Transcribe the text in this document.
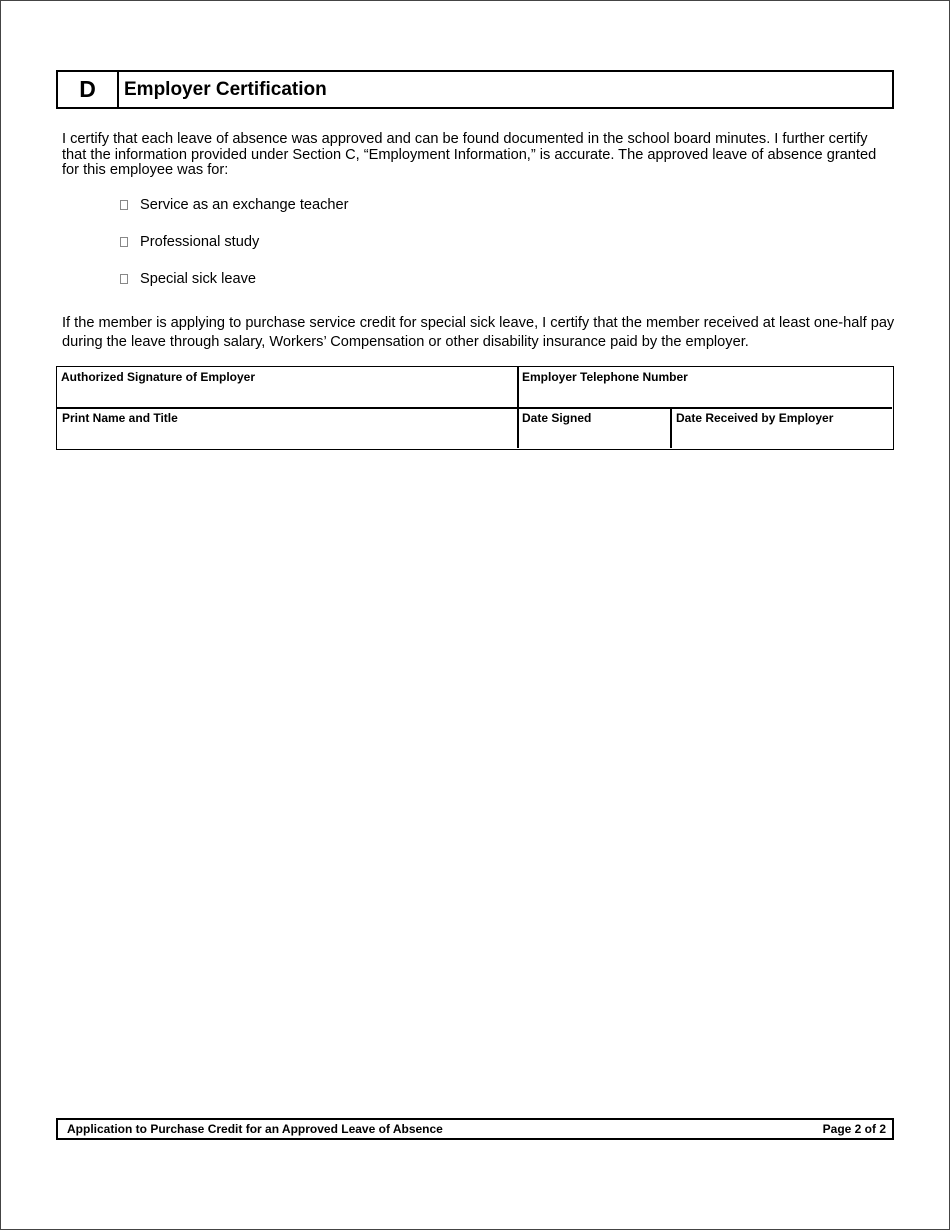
D	Employer Certification
I certify that each leave of absence was approved and can be found documented in the school board minutes. I further certify that the information provided under Section C, “Employment Information,” is accurate. The approved leave of absence granted for this employee was for:
Service as an exchange teacher
Professional study
Special sick leave
If the member is applying to purchase service credit for special sick leave, I certify that the member received at least one-half pay during the leave through salary, Workers’ Compensation or other disability insurance paid by the employer.
Authorized Signature of Employer	Employer Telephone Number
Print Name and Title	Date Signed	Date Received by Employer
Application to Purchase Credit for an Approved Leave of Absence	Page 2 of 2
